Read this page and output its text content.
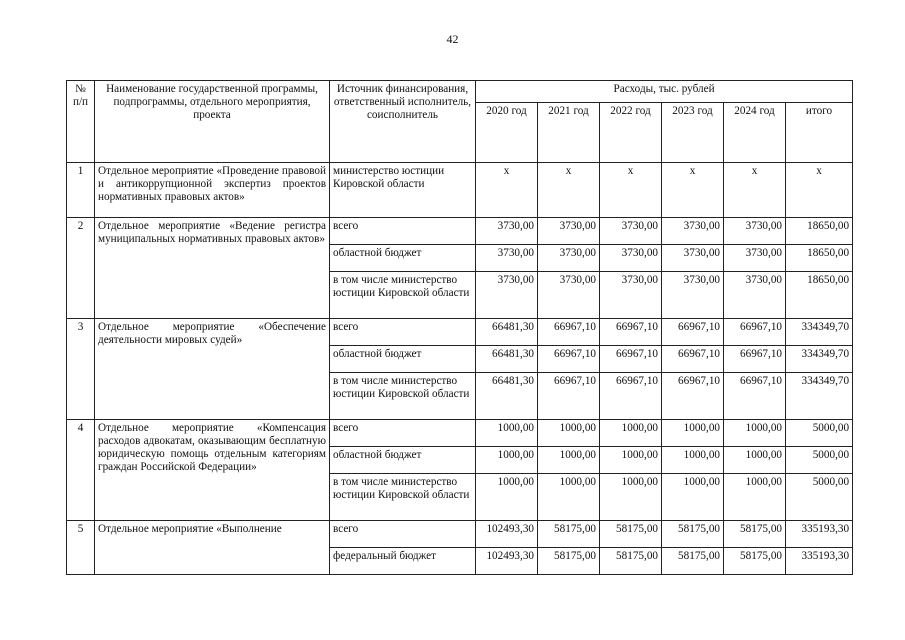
42
№ п/п	Наименование государственной программы, подпрограммы, отдельного мероприятия, проекта	Источник финансирования, ответственный исполнитель, соисполнитель	Расходы, тыс. рублей					
			2020 год	2021 год	2022 год	2023 год	2024 год	итого
1	Отдельное мероприятие «Проведение правовой и антикоррупционной экспертиз проектов нормативных правовых актов»	министерство юстиции Кировской области	х	х	х	х	х	х
2	Отдельное мероприятие «Ведение регистра муниципальных нормативных правовых актов»	всего	3730,00	3730,00	3730,00	3730,00	3730,00	18650,00
		областной бюджет	3730,00	3730,00	3730,00	3730,00	3730,00	18650,00
		в том числе министерство юстиции Кировской области	3730,00	3730,00	3730,00	3730,00	3730,00	18650,00
3	Отдельное мероприятие «Обеспечение деятельности мировых судей»	всего	66481,30	66967,10	66967,10	66967,10	66967,10	334349,70
		областной бюджет	66481,30	66967,10	66967,10	66967,10	66967,10	334349,70
		в том числе министерство юстиции Кировской области	66481,30	66967,10	66967,10	66967,10	66967,10	334349,70
4	Отдельное мероприятие «Компенсация расходов адвокатам, оказывающим бесплатную юридическую помощь отдельным категориям граждан Российской Федерации»	всего	1000,00	1000,00	1000,00	1000,00	1000,00	5000,00
		областной бюджет	1000,00	1000,00	1000,00	1000,00	1000,00	5000,00
		в том числе министерство юстиции Кировской области	1000,00	1000,00	1000,00	1000,00	1000,00	5000,00
5	Отдельное мероприятие «Выполнение	всего	102493,30	58175,00	58175,00	58175,00	58175,00	335193,30
		федеральный бюджет	102493,30	58175,00	58175,00	58175,00	58175,00	335193,30
